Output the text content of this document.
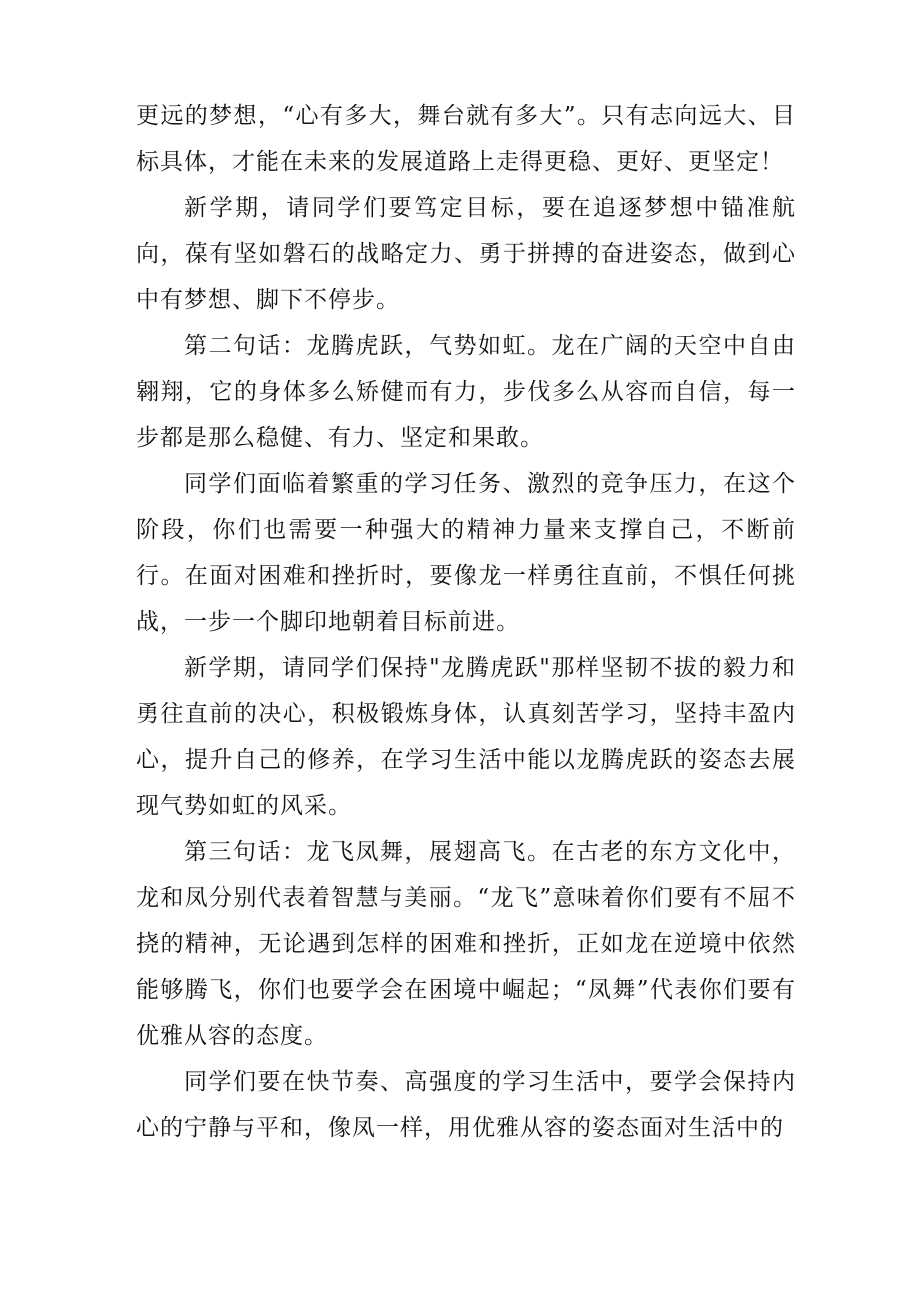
更远的梦想，“心有多大，舞台就有多大”。只有志向远大、目标具体，才能在未来的发展道路上走得更稳、更好、更坚定！

新学期，请同学们要笃定目标，要在追逐梦想中锚准航向，葆有坚如磐石的战略定力、勇于拼搏的奋进姿态，做到心中有梦想、脚下不停步。

第二句话：龙腾虎跃，气势如虹。龙在广阔的天空中自由翱翔，它的身体多么矫健而有力，步伐多么从容而自信，每一步都是那么稳健、有力、坚定和果敢。

同学们面临着繁重的学习任务、激烈的竞争压力，在这个阶段，你们也需要一种强大的精神力量来支撑自己，不断前行。在面对困难和挫折时，要像龙一样勇往直前，不惧任何挑战，一步一个脚印地朝着目标前进。

新学期，请同学们保持"龙腾虎跃"那样坚韧不拔的毅力和勇往直前的决心，积极锻炼身体，认真刻苦学习，坚持丰盈内心，提升自己的修养，在学习生活中能以龙腾虎跃的姿态去展现气势如虹的风采。

第三句话：龙飞凤舞，展翅高飞。在古老的东方文化中，龙和凤分别代表着智慧与美丽。“龙飞”意味着你们要有不屈不挠的精神，无论遇到怎样的困难和挫折，正如龙在逆境中依然能够腾飞，你们也要学会在困境中崛起；“凤舞”代表你们要有优雅从容的态度。

同学们要在快节奏、高强度的学习生活中，要学会保持内心的宁静与平和，像凤一样，用优雅从容的姿态面对生活中的
